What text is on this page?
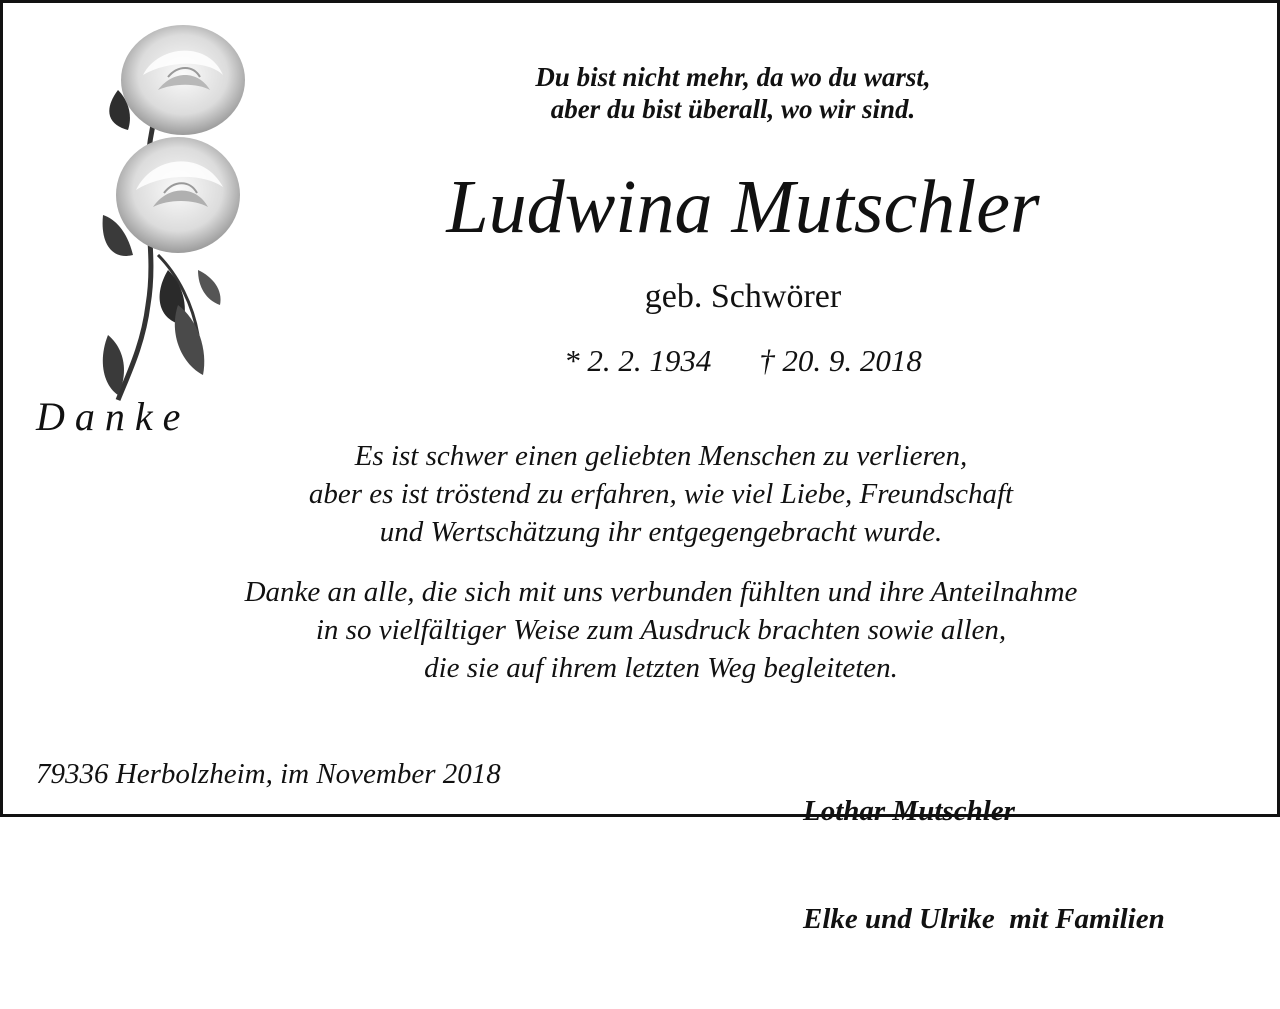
Danke
Du bist nicht mehr, da wo du warst,
aber du bist überall, wo wir sind.
Ludwina Mutschler
geb. Schwörer
* 2. 2. 1934 † 20. 9. 2018
Es ist schwer einen geliebten Menschen zu verlieren,
aber es ist tröstend zu erfahren, wie viel Liebe, Freundschaft
und Wertschätzung ihr entgegengebracht wurde.
Danke an alle, die sich mit uns verbunden fühlten und ihre Anteilnahme
in so vielfältiger Weise zum Ausdruck brachten sowie allen,
die sie auf ihrem letzten Weg begleiteten.
79336 Herbolzheim, im November 2018

Lothar Mutschler

Elke und Ulrike  mit Familien
